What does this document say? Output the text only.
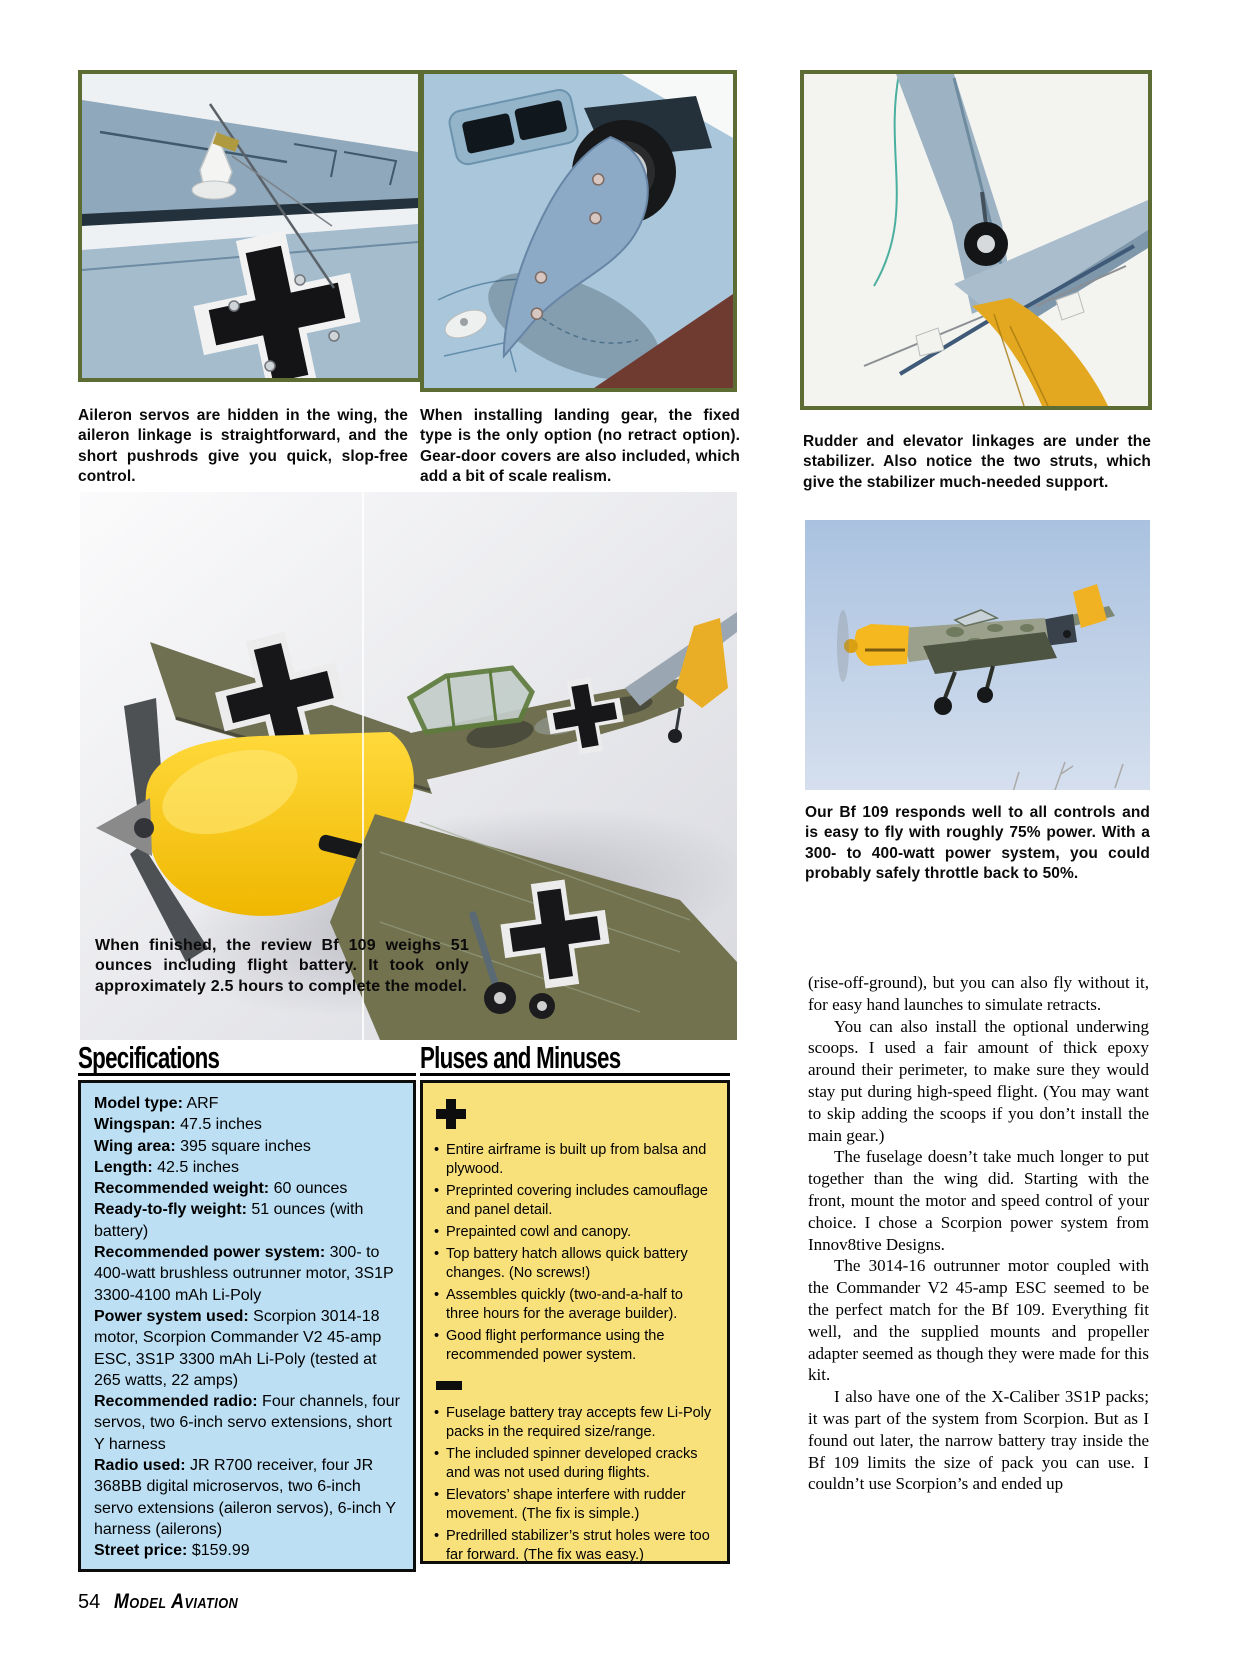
Aileron servos are hidden in the wing, the aileron linkage is straightforward, and the short pushrods give you quick, slop-free control.
When installing landing gear, the fixed type is the only option (no retract option). Gear-door covers are also included, which add a bit of scale realism.
Rudder and elevator linkages are under the stabilizer. Also notice the two struts, which give the stabilizer much-needed support.
When finished, the review Bf 109 weighs 51 ounces including flight battery. It took only approximately 2.5 hours to complete the model.
Our Bf 109 responds well to all controls and is easy to fly with roughly 75% power. With a 300- to 400-watt power system, you could probably safely throttle back to 50%.
Specifications
Model type: ARF
Wingspan: 47.5 inches
Wing area: 395 square inches
Length: 42.5 inches
Recommended weight: 60 ounces
Ready-to-fly weight: 51 ounces (with battery)
Recommended power system: 300- to 400-watt brushless outrunner motor, 3S1P 3300-4100 mAh Li-Poly
Power system used: Scorpion 3014-18 motor, Scorpion Commander V2 45-amp ESC, 3S1P 3300 mAh Li-Poly (tested at 265 watts, 22 amps)
Recommended radio: Four channels, four servos, two 6-inch servo extensions, short Y harness
Radio used: JR R700 receiver, four JR 368BB digital microservos, two 6-inch servo extensions (aileron servos), 6-inch Y harness (ailerons)
Street price: $159.99
Pluses and Minuses
• Entire airframe is built up from balsa and plywood.
• Preprinted covering includes camouflage and panel detail.
• Prepainted cowl and canopy.
• Top battery hatch allows quick battery changes. (No screws!)
• Assembles quickly (two-and-a-half to three hours for the average builder).
• Good flight performance using the recommended power system.
• Fuselage battery tray accepts few Li-Poly packs in the required size/range.
• The included spinner developed cracks and was not used during flights.
• Elevators’ shape interfere with rudder movement. (The fix is simple.)
• Predrilled stabilizer’s strut holes were too far forward. (The fix was easy.)

(rise-off-ground), but you can also fly without it, for easy hand launches to simulate retracts.

You can also install the optional underwing scoops. I used a fair amount of thick epoxy around their perimeter, to make sure they would stay put during high-speed flight. (You may want to skip adding the scoops if you don’t install the main gear.)

The fuselage doesn’t take much longer to put together than the wing did. Starting with the front, mount the motor and speed control of your choice. I chose a Scorpion power system from Innov8tive Designs.

The 3014-16 outrunner motor coupled with the Commander V2 45-amp ESC seemed to be the perfect match for the Bf 109. Everything fit well, and the supplied mounts and propeller adapter seemed as though they were made for this kit.

I also have one of the X-Caliber 3S1P packs; it was part of the system from Scorpion. But as I found out later, the narrow battery tray inside the Bf 109 limits the size of pack you can use. I couldn’t use Scorpion’s and ended up

54 Model Aviation
